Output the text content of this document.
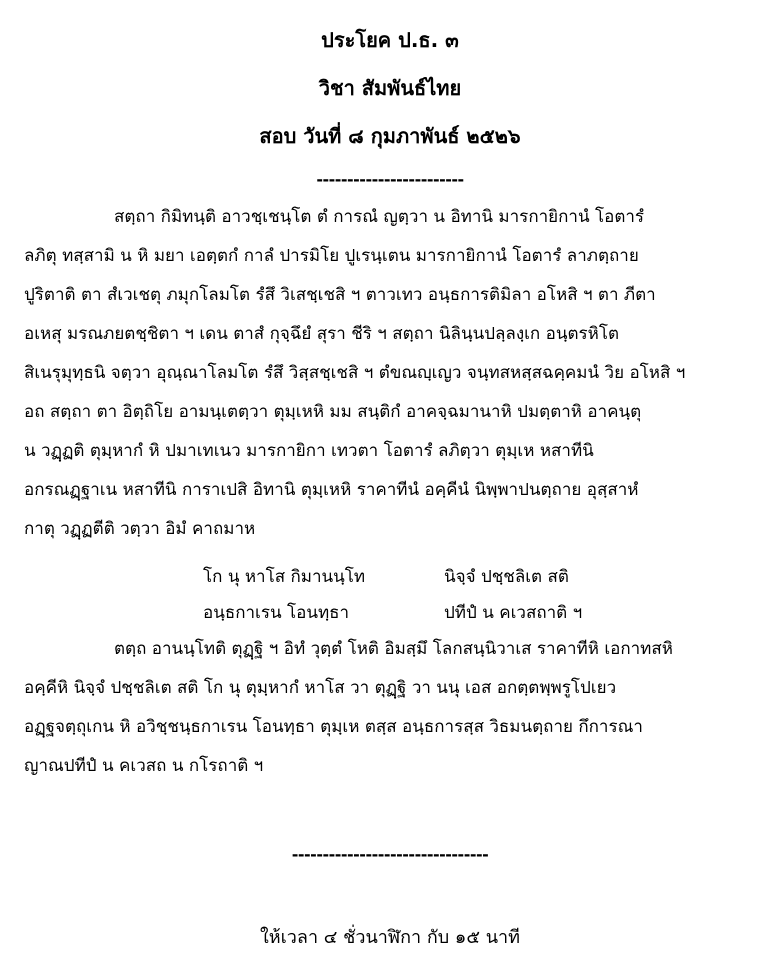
ประโยค ป.ธ. ๓
วิชา สัมพันธ์ไทย
สอบ วันที่ ๘ กุมภาพันธ์ ๒๕๒๖
------------------------
สตฺถา กิมิทนฺติ อาวชฺเชนฺโต ตํ การณํ ญตฺวา น อิทานิ มารกายิกานํ โอตารํ
ลภิตุ ทสฺสามิ น หิ มยา เอตฺตกํ กาลํ ปารมิโย ปูเรนฺเตน มารกายิกานํ โอตารํ ลาภตฺถาย
ปูริตาติ ตา สํเวเชตุ ภมุกโลมโต รํสึ วิเสชฺเชสิ ฯ ตาวเทว อนฺธการติมิลา อโหสิ ฯ ตา ภีตา
อเหสุ มรณภยตชฺชิตา ฯ เดน ตาสํ กุจฺฉึยํ สุรา ชีริ ฯ สตฺถา นิลินฺนปลฺลงฺเก อนฺตรหิโต
สิเนรุมุทฺธนิ จตฺวา อุณฺณาโลมโต รํสึ วิสฺสชฺเชสิ ฯ ตํขณญฺเญว จนฺทสหสฺสฉคฺคมนํ วิย อโหสิ ฯ
อถ สตฺถา ตา อิตฺถิโย อามนฺเตตฺวา ตุมฺเหหิ มม สนฺติกํ อาคจฺฉมานาหิ ปมตฺตาหิ อาคนฺตุ
น วฏฺฏติ ตุมฺหากํ หิ ปมาเทเนว มารกายิกา เทวตา โอตารํ ลภิตฺวา ตุมฺเห หสาทีนิ
อกรณฏฺฐาเน หสาทีนิ การาเปสิ อิทานิ ตุมฺเหหิ ราคาทีนํ อคฺคีนํ นิพฺพาปนตฺถาย อุสฺสาหํ
กาตุ วฏฺฏตีติ วตฺวา อิมํ คาถมาห
โก นุ หาโส กิมานนฺโท	นิจฺจํ ปชฺชลิเต สติ
อนฺธกาเรน โอนทฺธา	ปทีปํ น คเวสถาติ ฯ
ตตฺถ อานนฺโทติ ตุฏฺฐิ ฯ อิทํ วุตฺตํ โหติ อิมสฺมึ โลกสนฺนิวาเส ราคาทีหิ เอกาทสหิ
อคฺคีหิ นิจฺจํ ปชฺชลิเต สติ โก นุ ตุมฺหากํ หาโส วา ตุฏฺฐิ วา นนุ เอส อกตฺตพฺพรูโปเยว
อฏฺฐจตฺถุเกน หิ อวิชฺชนฺธกาเรน โอนทฺธา ตุมฺเห ตสฺส อนฺธการสฺส วิธมนตฺถาย กึการณา
ญาณปทีปํ น คเวสถ น กโรถาติ ฯ
--------------------------------
ให้เวลา ๔ ชั่วนาฬิกา กับ ๑๕ นาที
